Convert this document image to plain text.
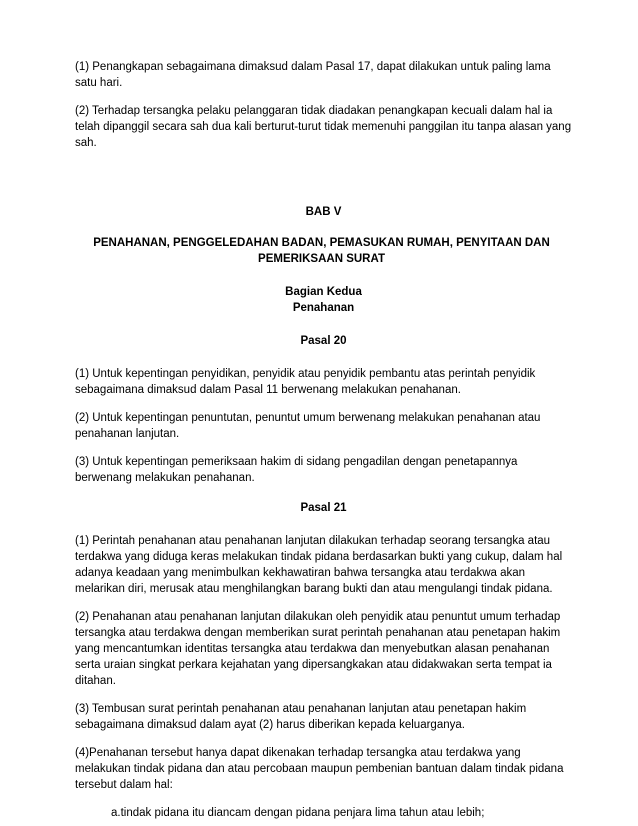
(1) Penangkapan sebagaimana dimaksud dalam Pasal 17, dapat dilakukan untuk paling lama satu hari.

(2) Terhadap tersangka pelaku pelanggaran tidak diadakan penangkapan kecuali dalam hal ia telah dipanggil secara sah dua kali berturut-turut tidak memenuhi panggilan itu tanpa alasan yang sah.

BAB V

PENAHANAN, PENGGELEDAHAN BADAN, PEMASUKAN RUMAH, PENYITAAN DAN PEMERIKSAAN SURAT

Bagian Kedua

Penahanan

Pasal 20

(1) Untuk kepentingan penyidikan, penyidik atau penyidik pembantu atas perintah penyidik sebagaimana dimaksud dalam Pasal 11 berwenang melakukan penahanan.

(2) Untuk kepentingan penuntutan, penuntut umum berwenang melakukan penahanan atau penahanan lanjutan.

(3) Untuk kepentingan pemeriksaan hakim di sidang pengadilan dengan penetapannya berwenang melakukan penahanan.

Pasal 21

(1) Perintah penahanan atau penahanan lanjutan dilakukan terhadap seorang tersangka atau terdakwa yang diduga keras melakukan tindak pidana berdasarkan bukti yang cukup, dalam hal adanya keadaan yang menimbulkan kekhawatiran bahwa tersangka atau terdakwa akan melarikan diri, merusak atau menghilangkan barang bukti dan atau mengulangi tindak pidana.

(2) Penahanan atau penahanan lanjutan dilakukan oleh penyidik atau penuntut umum terhadap tersangka atau terdakwa dengan memberikan surat perintah penahanan atau penetapan hakim yang mencantumkan identitas tersangka atau terdakwa dan menyebutkan alasan penahanan serta uraian singkat perkara kejahatan yang dipersangkakan atau didakwakan serta tempat ia ditahan.

(3) Tembusan surat perintah penahanan atau penahanan lanjutan atau penetapan hakim sebagaimana dimaksud dalam ayat (2) harus diberikan kepada keluarganya.

(4)Penahanan tersebut hanya dapat dikenakan terhadap tersangka atau terdakwa yang melakukan tindak pidana dan atau percobaan maupun pembenian bantuan dalam tindak pidana tersebut dalam hal:

a.tindak pidana itu diancam dengan pidana penjara lima tahun atau lebih;
